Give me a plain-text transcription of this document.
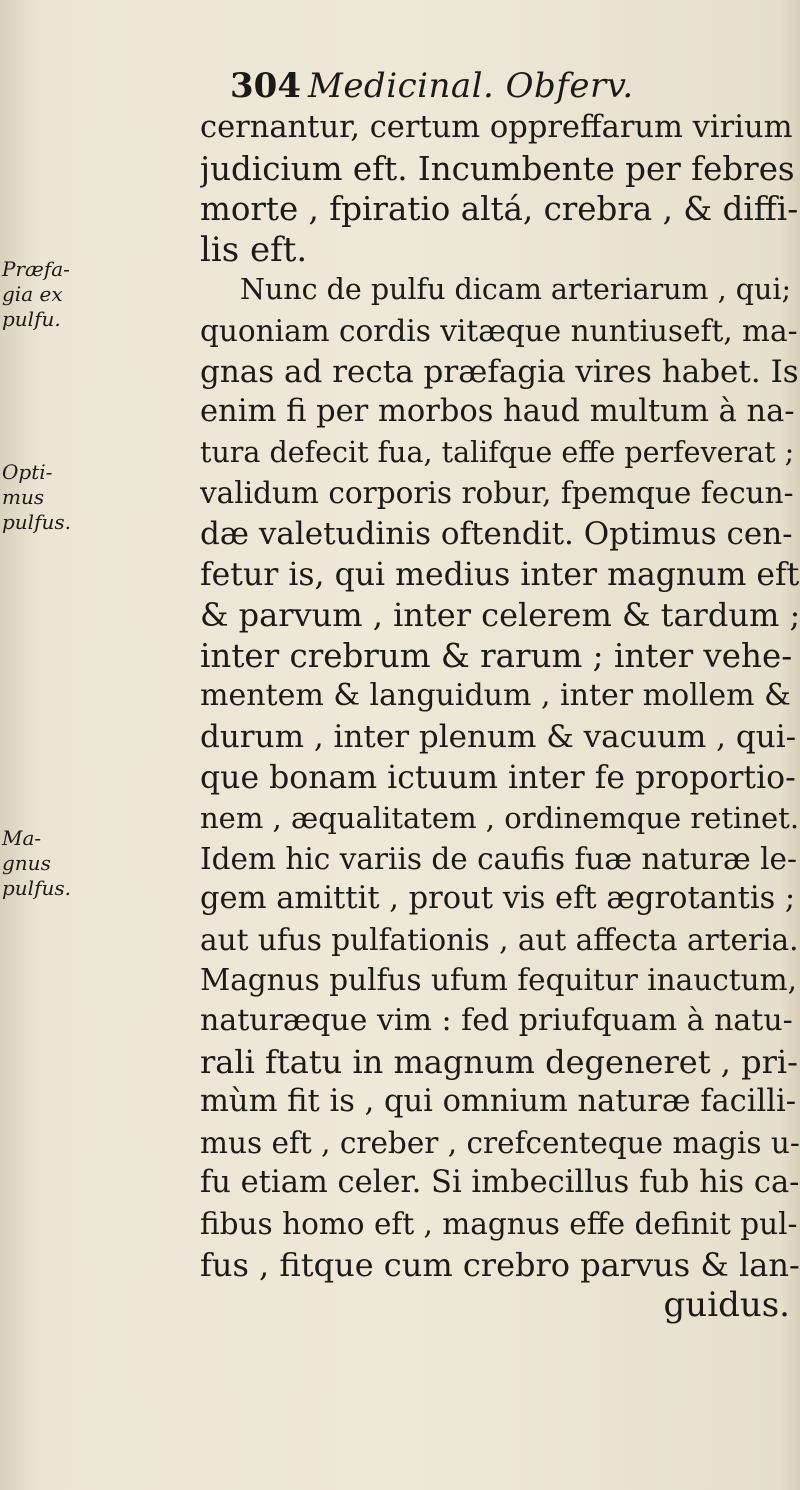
304 Medicinal. Obferv.
Præfa-
gia ex
pulfu.
Opti-
mus
pulfus.
Ma-
gnus
pulfus.
cernantur, certum oppreffarum virium
judicium eft. Incumbente per febres
morte , fpiratio altá, crebra , & diffi-
lis eft.
Nunc de pulfu dicam arteriarum , qui;
quoniam cordis vitæque nuntiuseft, ma-
gnas ad recta præfagia vires habet. Is
enim fi per morbos haud multum à na-
tura defecit fua, talifque effe perfeverat ;
validum corporis robur, fpemque fecun-
dæ valetudinis oftendit. Optimus cen-
fetur is, qui medius inter magnum eft
& parvum , inter celerem & tardum ;
inter crebrum & rarum ; inter vehe-
mentem & languidum , inter mollem &
durum , inter plenum & vacuum , qui-
que bonam ictuum inter fe proportio-
nem , æqualitatem , ordinemque retinet.
Idem hic variis de caufis fuæ naturæ le-
gem amittit , prout vis eft ægrotantis ;
aut ufus pulfationis , aut affecta arteria.
Magnus pulfus ufum fequitur inauctum,
naturæque vim : fed priufquam à natu-
rali ftatu in magnum degeneret , pri-
mùm fit is , qui omnium naturæ facilli-
mus eft , creber , crefcenteque magis u-
fu etiam celer. Si imbecillus fub his ca-
fibus homo eft , magnus effe definit pul-
fus , fitque cum crebro parvus & lan-
guidus.
